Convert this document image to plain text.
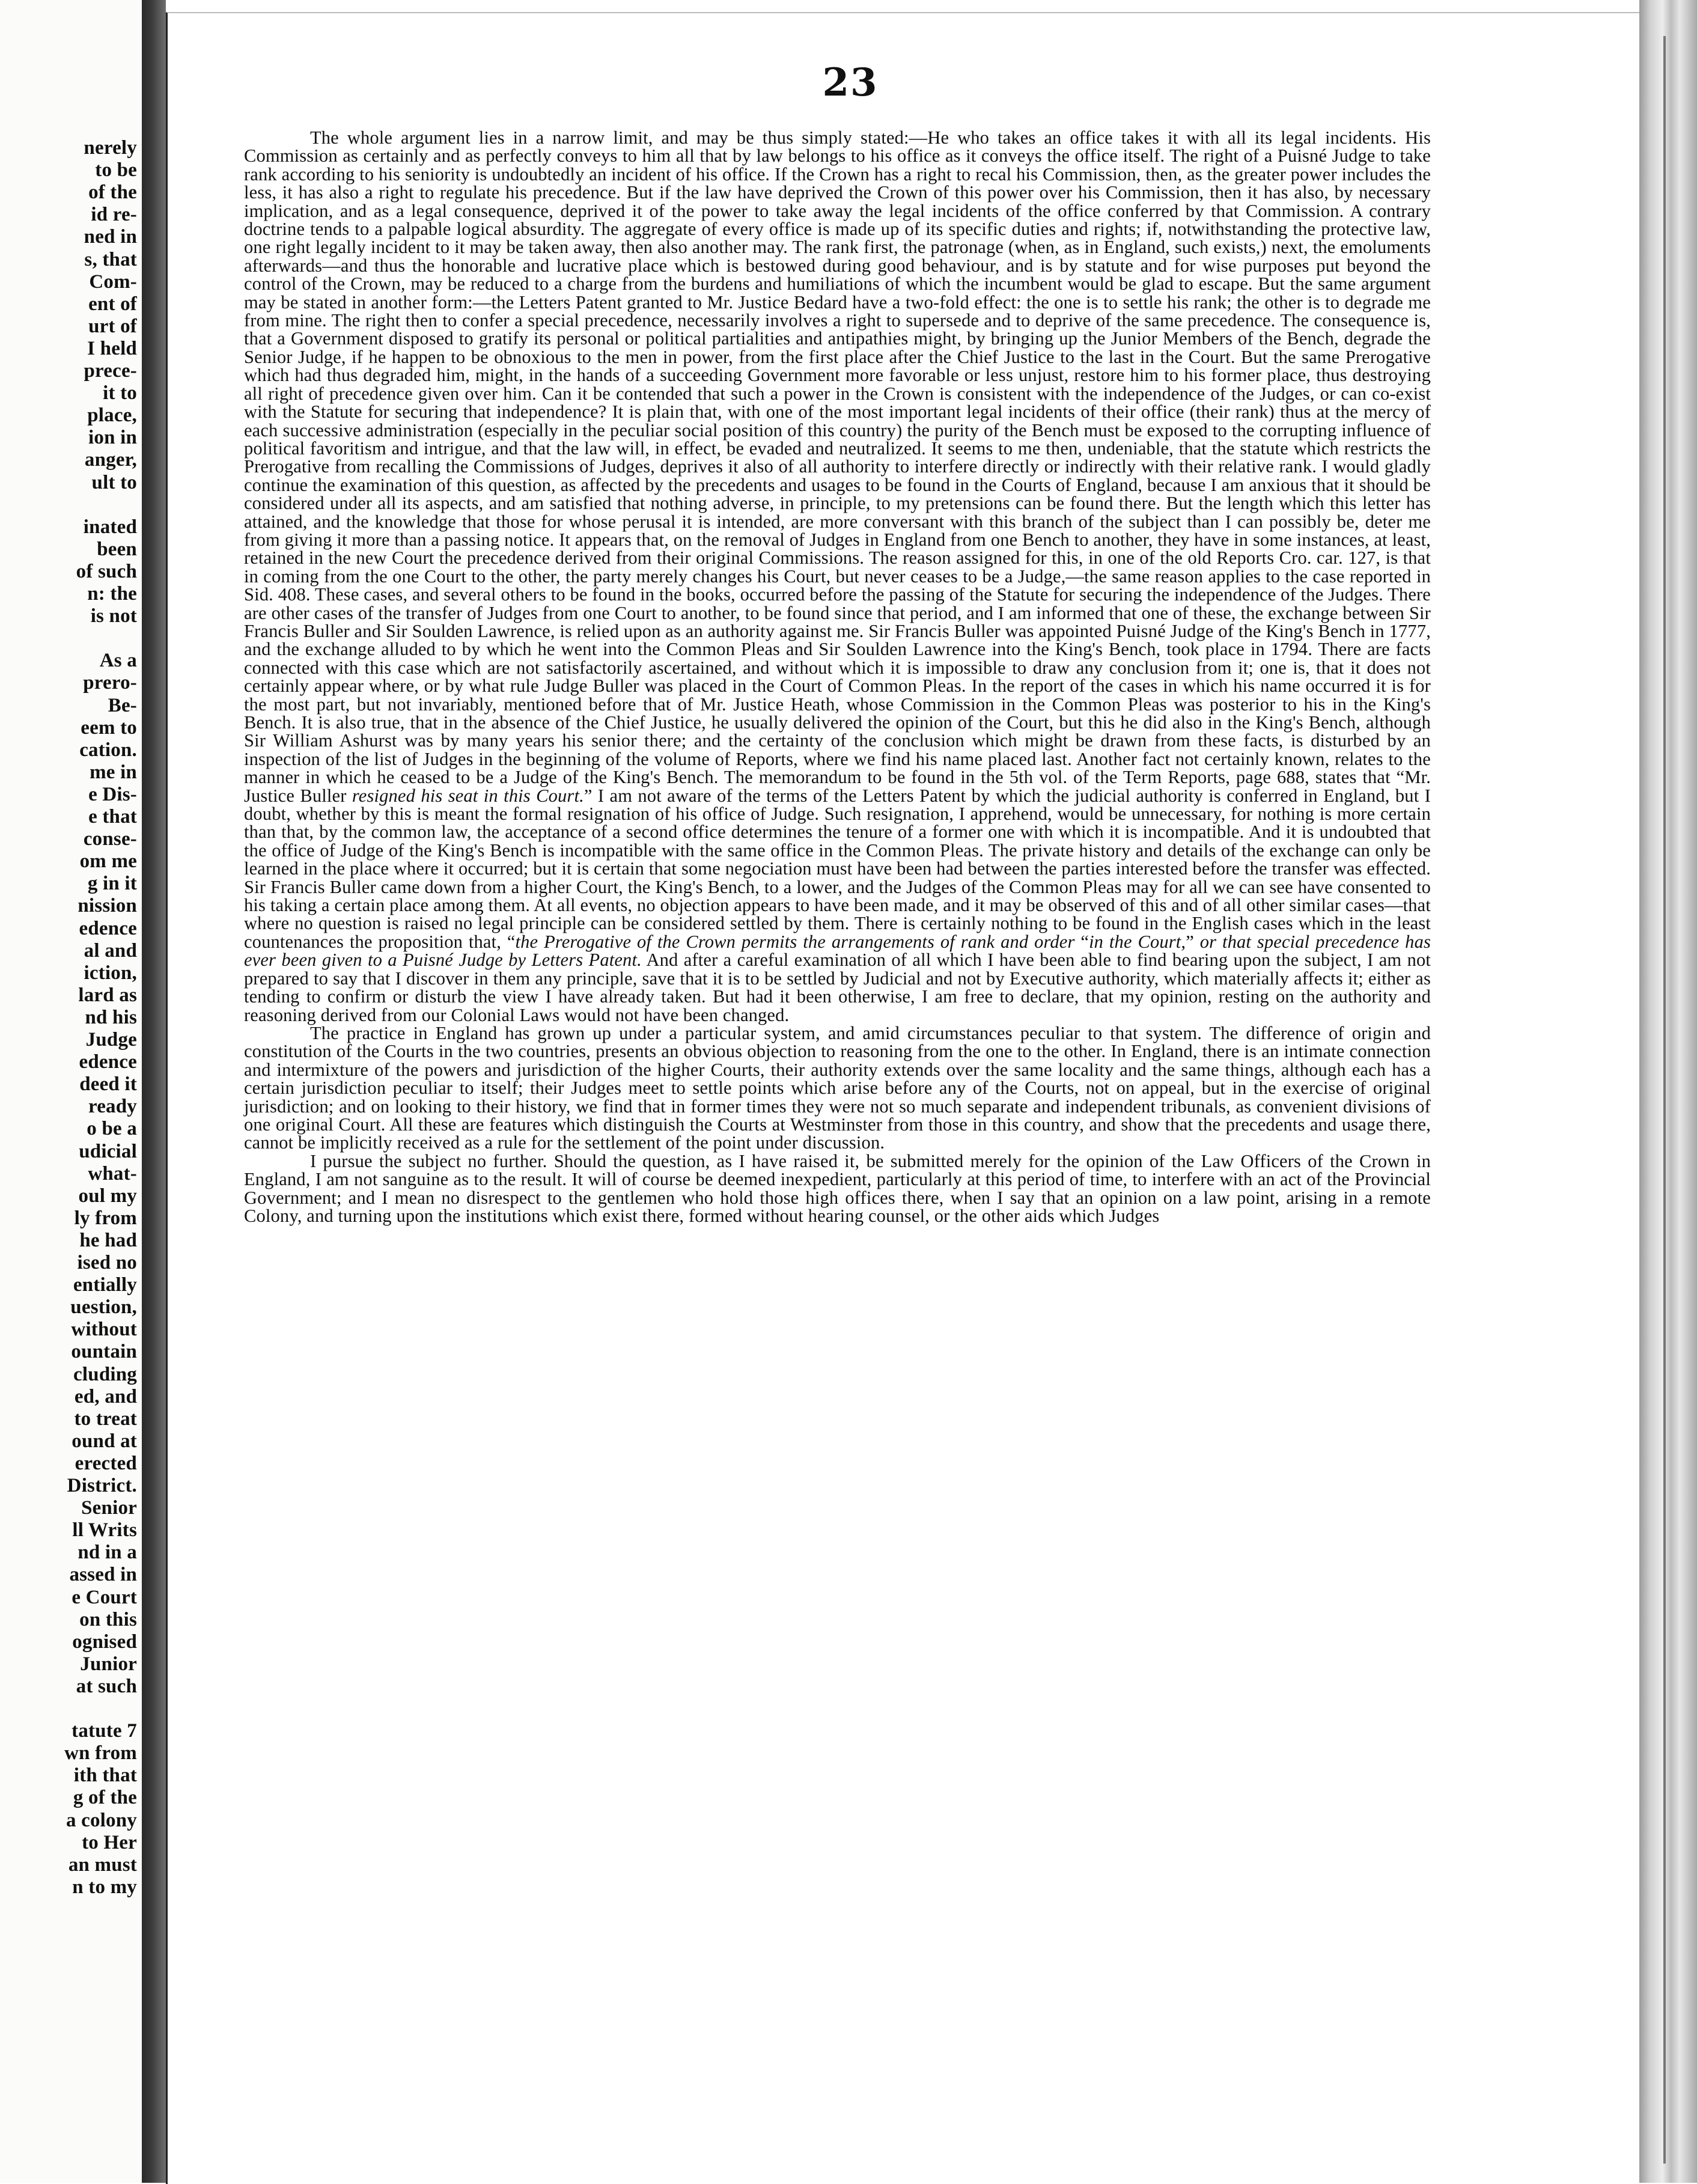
nerely
to be
of the
id re-
ned in
s, that
Com-
ent of
urt of
I held
prece-
it to
place,
ion in
anger,
ult to
inated
been
of such
n: the
is not
As a
prero-
Be-
eem to
cation.
me in
e Dis-
e that
conse-
om me
g in it
nission
edence
al and
iction,
lard as
nd his
Judge
edence
deed it
ready
o be a
udicial
what-
oul my
ly from
he had
ised no
entially
uestion,
without
ountain
cluding
ed, and
to treat
ound at
erected
District.
Senior
ll Writs
nd in a
assed in
e Court
on this
ognised
Junior
at such
tatute 7
wn from
ith that
g of the
a colony
to Her
an must
n to my
23

The whole argument lies in a narrow limit, and may be thus simply stated:—He who takes an office takes it with all its legal incidents. His Commission as certainly and as perfectly conveys to him all that by law belongs to his office as it conveys the office itself. The right of a Puisné Judge to take rank according to his seniority is undoubtedly an incident of his office. If the Crown has a right to recal his Commission, then, as the greater power includes the less, it has also a right to regulate his precedence. But if the law have deprived the Crown of this power over his Commission, then it has also, by necessary implication, and as a legal consequence, deprived it of the power to take away the legal incidents of the office conferred by that Commission. A contrary doctrine tends to a palpable logical absurdity. The aggregate of every office is made up of its specific duties and rights; if, notwithstanding the protective law, one right legally incident to it may be taken away, then also another may. The rank first, the patronage (when, as in England, such exists,) next, the emoluments afterwards—and thus the honorable and lucrative place which is bestowed during good behaviour, and is by statute and for wise purposes put beyond the control of the Crown, may be reduced to a charge from the burdens and humiliations of which the incumbent would be glad to escape. But the same argument may be stated in another form:—the Letters Patent granted to Mr. Justice Bedard have a two-fold effect: the one is to settle his rank; the other is to degrade me from mine. The right then to confer a special precedence, necessarily involves a right to supersede and to deprive of the same precedence. The consequence is, that a Government disposed to gratify its personal or political partialities and antipathies might, by bringing up the Junior Members of the Bench, degrade the Senior Judge, if he happen to be obnoxious to the men in power, from the first place after the Chief Justice to the last in the Court. But the same Prerogative which had thus degraded him, might, in the hands of a succeeding Government more favorable or less unjust, restore him to his former place, thus destroying all right of precedence given over him. Can it be contended that such a power in the Crown is consistent with the independence of the Judges, or can co-exist with the Statute for securing that independence? It is plain that, with one of the most important legal incidents of their office (their rank) thus at the mercy of each successive administration (especially in the peculiar social position of this country) the purity of the Bench must be exposed to the corrupting influence of political favoritism and intrigue, and that the law will, in effect, be evaded and neutralized. It seems to me then, undeniable, that the statute which restricts the Prerogative from recalling the Commissions of Judges, deprives it also of all authority to interfere directly or indirectly with their relative rank. I would gladly continue the examination of this question, as affected by the precedents and usages to be found in the Courts of England, because I am anxious that it should be considered under all its aspects, and am satisfied that nothing adverse, in principle, to my pretensions can be found there. But the length which this letter has attained, and the knowledge that those for whose perusal it is intended, are more conversant with this branch of the subject than I can possibly be, deter me from giving it more than a passing notice. It appears that, on the removal of Judges in England from one Bench to another, they have in some instances, at least, retained in the new Court the precedence derived from their original Commissions. The reason assigned for this, in one of the old Reports Cro. car. 127, is that in coming from the one Court to the other, the party merely changes his Court, but never ceases to be a Judge,—the same reason applies to the case reported in Sid. 408. These cases, and several others to be found in the books, occurred before the passing of the Statute for securing the independence of the Judges. There are other cases of the transfer of Judges from one Court to another, to be found since that period, and I am informed that one of these, the exchange between Sir Francis Buller and Sir Soulden Lawrence, is relied upon as an authority against me. Sir Francis Buller was appointed Puisné Judge of the King's Bench in 1777, and the exchange alluded to by which he went into the Common Pleas and Sir Soulden Lawrence into the King's Bench, took place in 1794. There are facts connected with this case which are not satisfactorily ascertained, and without which it is impossible to draw any conclusion from it; one is, that it does not certainly appear where, or by what rule Judge Buller was placed in the Court of Common Pleas. In the report of the cases in which his name occurred it is for the most part, but not invariably, mentioned before that of Mr. Justice Heath, whose Commission in the Common Pleas was posterior to his in the King's Bench. It is also true, that in the absence of the Chief Justice, he usually delivered the opinion of the Court, but this he did also in the King's Bench, although Sir William Ashurst was by many years his senior there; and the certainty of the conclusion which might be drawn from these facts, is disturbed by an inspection of the list of Judges in the beginning of the volume of Reports, where we find his name placed last. Another fact not certainly known, relates to the manner in which he ceased to be a Judge of the King's Bench. The memorandum to be found in the 5th vol. of the Term Reports, page 688, states that “Mr. Justice Buller resigned his seat in this Court.” I am not aware of the terms of the Letters Patent by which the judicial authority is conferred in England, but I doubt, whether by this is meant the formal resignation of his office of Judge. Such resignation, I apprehend, would be unnecessary, for nothing is more certain than that, by the common law, the acceptance of a second office determines the tenure of a former one with which it is incompatible. And it is undoubted that the office of Judge of the King's Bench is incompatible with the same office in the Common Pleas. The private history and details of the exchange can only be learned in the place where it occurred; but it is certain that some negociation must have been had between the parties interested before the transfer was effected. Sir Francis Buller came down from a higher Court, the King's Bench, to a lower, and the Judges of the Common Pleas may for all we can see have consented to his taking a certain place among them. At all events, no objection appears to have been made, and it may be observed of this and of all other similar cases—that where no question is raised no legal principle can be considered settled by them. There is certainly nothing to be found in the English cases which in the least countenances the proposition that, “the Prerogative of the Crown permits the arrangements of rank and order “in the Court,” or that special precedence has ever been given to a Puisné Judge by Letters Patent. And after a careful examination of all which I have been able to find bearing upon the subject, I am not prepared to say that I discover in them any principle, save that it is to be settled by Judicial and not by Executive authority, which materially affects it; either as tending to confirm or disturb the view I have already taken. But had it been otherwise, I am free to declare, that my opinion, resting on the authority and reasoning derived from our Colonial Laws would not have been changed.

The practice in England has grown up under a particular system, and amid circumstances peculiar to that system. The difference of origin and constitution of the Courts in the two countries, presents an obvious objection to reasoning from the one to the other. In England, there is an intimate connection and intermixture of the powers and jurisdiction of the higher Courts, their authority extends over the same locality and the same things, although each has a certain jurisdiction peculiar to itself; their Judges meet to settle points which arise before any of the Courts, not on appeal, but in the exercise of original jurisdiction; and on looking to their history, we find that in former times they were not so much separate and independent tribunals, as convenient divisions of one original Court. All these are features which distinguish the Courts at Westminster from those in this country, and show that the precedents and usage there, cannot be implicitly received as a rule for the settlement of the point under discussion.

I pursue the subject no further. Should the question, as I have raised it, be submitted merely for the opinion of the Law Officers of the Crown in England, I am not sanguine as to the result. It will of course be deemed inexpedient, particularly at this period of time, to interfere with an act of the Provincial Government; and I mean no disrespect to the gentlemen who hold those high offices there, when I say that an opinion on a law point, arising in a remote Colony, and turning upon the institutions which exist there, formed without hearing counsel, or the other aids which Judges
